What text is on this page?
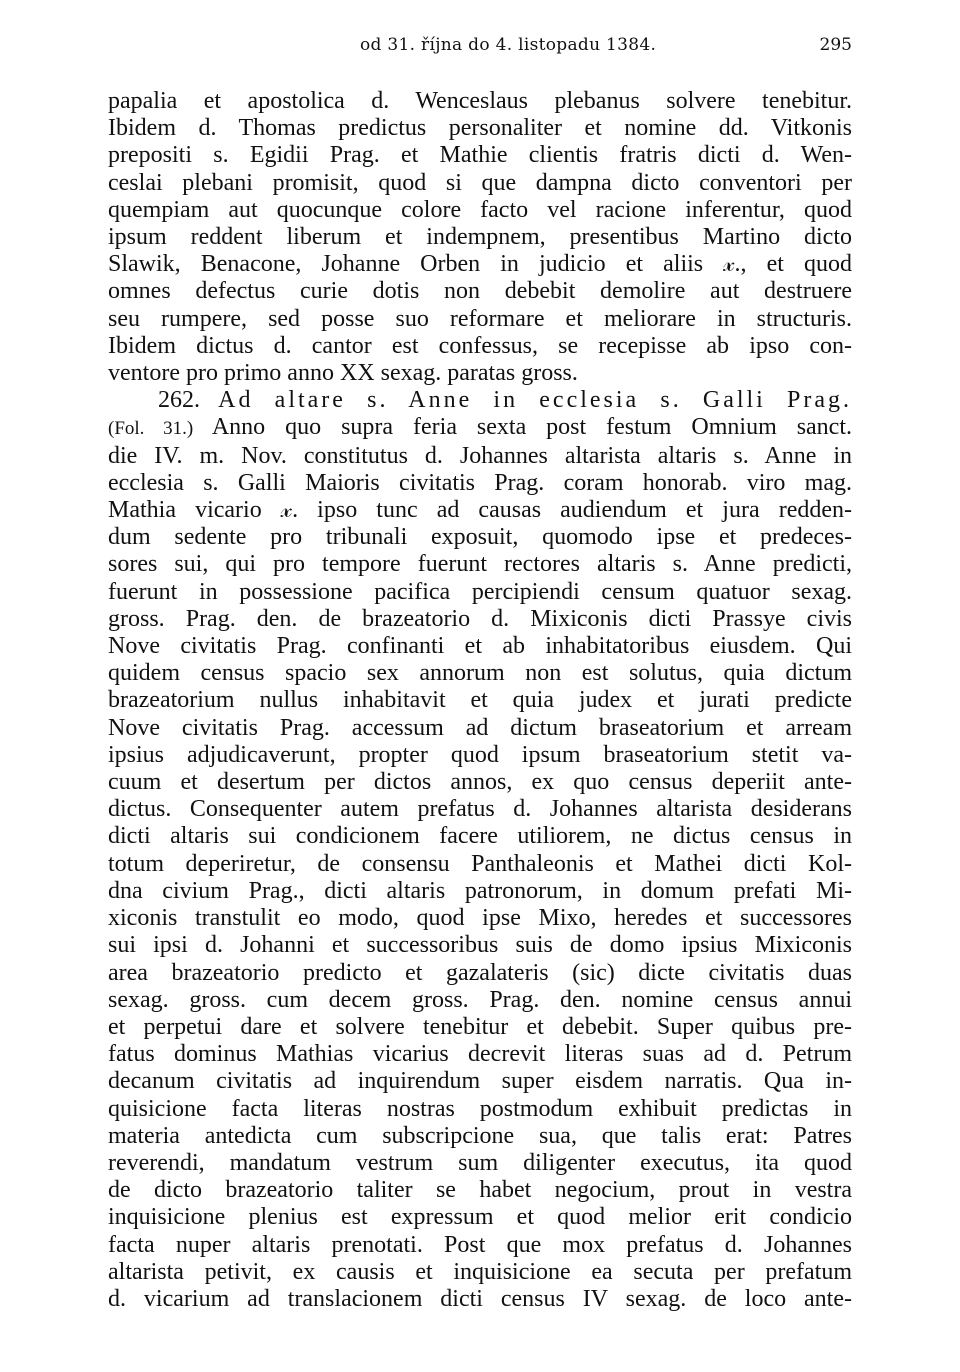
od 31. října do 4. listopadu 1384.	295
papalia et apostolica d. Wenceslaus plebanus solvere tenebitur.
Ibidem d. Thomas predictus personaliter et nomine dd. Vitkonis
prepositi s. Egidii Prag. et Mathie clientis fratris dicti d. Wen-
ceslai plebani promisit, quod si que dampna dicto conventori per
quempiam aut quocunque colore facto vel racione inferentur, quod
ipsum reddent liberum et indempnem, presentibus Martino dicto
Slawik, Benacone, Johanne Orben in judicio et aliis 𝓍., et quod
omnes defectus curie dotis non debebit demolire aut destruere
seu rumpere, sed posse suo reformare et meliorare in structuris.
Ibidem dictus d. cantor est confessus, se recepisse ab ipso con-
ventore pro primo anno XX sexag. paratas gross.
262. Ad altare s. Anne in ecclesia s. Galli Prag.
(Fol. 31.) Anno quo supra feria sexta post festum Omnium sanct.
die IV. m. Nov. constitutus d. Johannes altarista altaris s. Anne in
ecclesia s. Galli Maioris civitatis Prag. coram honorab. viro mag.
Mathia vicario 𝓍. ipso tunc ad causas audiendum et jura redden-
dum sedente pro tribunali exposuit, quomodo ipse et predeces-
sores sui, qui pro tempore fuerunt rectores altaris s. Anne predicti,
fuerunt in possessione pacifica percipiendi censum quatuor sexag.
gross. Prag. den. de brazeatorio d. Mixiconis dicti Prassye civis
Nove civitatis Prag. confinanti et ab inhabitatoribus eiusdem. Qui
quidem census spacio sex annorum non est solutus, quia dictum
brazeatorium nullus inhabitavit et quia judex et jurati predicte
Nove civitatis Prag. accessum ad dictum braseatorium et arream
ipsius adjudicaverunt, propter quod ipsum braseatorium stetit va-
cuum et desertum per dictos annos, ex quo census deperiit ante-
dictus. Consequenter autem prefatus d. Johannes altarista desiderans
dicti altaris sui condicionem facere utiliorem, ne dictus census in
totum deperiretur, de consensu Panthaleonis et Mathei dicti Kol-
dna civium Prag., dicti altaris patronorum, in domum prefati Mi-
xiconis transtulit eo modo, quod ipse Mixo, heredes et successores
sui ipsi d. Johanni et successoribus suis de domo ipsius Mixiconis
area brazeatorio predicto et gazalateris (sic) dicte civitatis duas
sexag. gross. cum decem gross. Prag. den. nomine census annui
et perpetui dare et solvere tenebitur et debebit. Super quibus pre-
fatus dominus Mathias vicarius decrevit literas suas ad d. Petrum
decanum civitatis ad inquirendum super eisdem narratis. Qua in-
quisicione facta literas nostras postmodum exhibuit predictas in
materia antedicta cum subscripcione sua, que talis erat: Patres
reverendi, mandatum vestrum sum diligenter executus, ita quod
de dicto brazeatorio taliter se habet negocium, prout in vestra
inquisicione plenius est expressum et quod melior erit condicio
facta nuper altaris prenotati. Post que mox prefatus d. Johannes
altarista petivit, ex causis et inquisicione ea secuta per prefatum
d. vicarium ad translacionem dicti census IV sexag. de loco ante-
